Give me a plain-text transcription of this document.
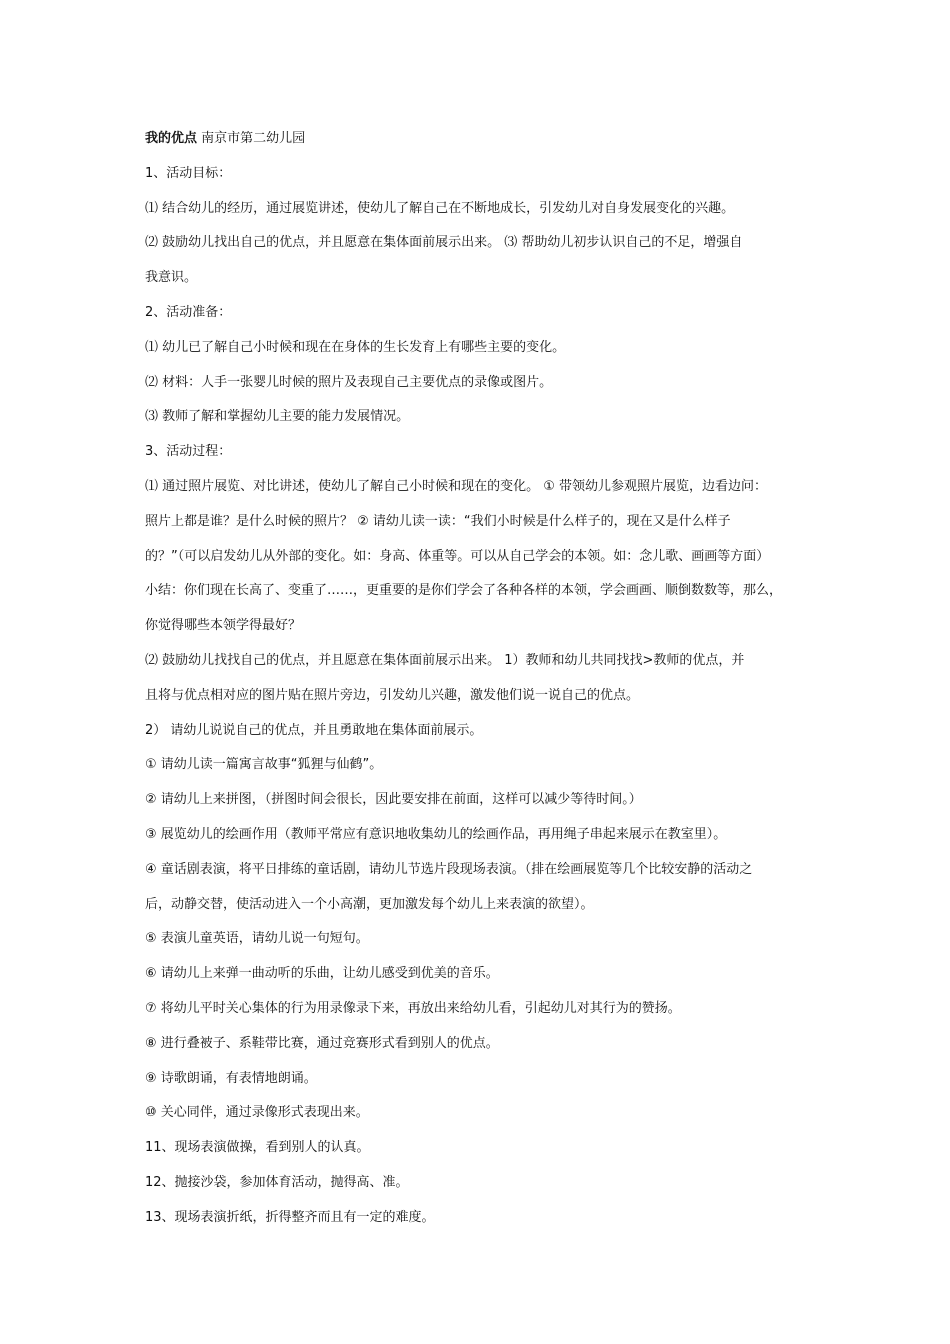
我的优点 南京市第二幼儿园
1、活动目标：
⑴ 结合幼儿的经历，通过展览讲述，使幼儿了解自己在不断地成长，引发幼儿对自身发展变化的兴趣。
⑵ 鼓励幼儿找出自己的优点，并且愿意在集体面前展示出来。 ⑶ 帮助幼儿初步认识自己的不足，增强自
我意识。
2、活动准备：
⑴ 幼儿已了解自己小时候和现在在身体的生长发育上有哪些主要的变化。
⑵ 材料：人手一张婴儿时候的照片及表现自己主要优点的录像或图片。
⑶ 教师了解和掌握幼儿主要的能力发展情况。
3、活动过程：
⑴ 通过照片展览、对比讲述，使幼儿了解自己小时候和现在的变化。 ① 带领幼儿参观照片展览，边看边问：
照片上都是谁？是什么时候的照片？ ② 请幼儿读一读：“我们小时候是什么样子的，现在又是什么样子
的？”（可以启发幼儿从外部的变化。如：身高、体重等。可以从自己学会的本领。如：念儿歌、画画等方面）
小结：你们现在长高了、变重了……，更重要的是你们学会了各种各样的本领，学会画画、顺倒数数等，那么，
你觉得哪些本领学得最好？
⑵ 鼓励幼儿找找自己的优点，并且愿意在集体面前展示出来。 1）教师和幼儿共同找找>教师的优点，并
且将与优点相对应的图片贴在照片旁边，引发幼儿兴趣，激发他们说一说自己的优点。
2） 请幼儿说说自己的优点，并且勇敢地在集体面前展示。
① 请幼儿读一篇寓言故事“狐狸与仙鹤”。
② 请幼儿上来拼图，（拼图时间会很长，因此要安排在前面，这样可以减少等待时间。）
③ 展览幼儿的绘画作用（教师平常应有意识地收集幼儿的绘画作品，再用绳子串起来展示在教室里）。
④ 童话剧表演，将平日排练的童话剧，请幼儿节选片段现场表演。（排在绘画展览等几个比较安静的活动之
后，动静交替，使活动进入一个小高潮，更加激发每个幼儿上来表演的欲望）。
⑤ 表演儿童英语，请幼儿说一句短句。
⑥ 请幼儿上来弹一曲动听的乐曲，让幼儿感受到优美的音乐。
⑦ 将幼儿平时关心集体的行为用录像录下来，再放出来给幼儿看，引起幼儿对其行为的赞扬。
⑧ 进行叠被子、系鞋带比赛，通过竞赛形式看到别人的优点。
⑨ 诗歌朗诵，有表情地朗诵。
⑩ 关心同伴，通过录像形式表现出来。
11、现场表演做操，看到别人的认真。
12、抛接沙袋，参加体育活动，抛得高、准。
13、现场表演折纸，折得整齐而且有一定的难度。
